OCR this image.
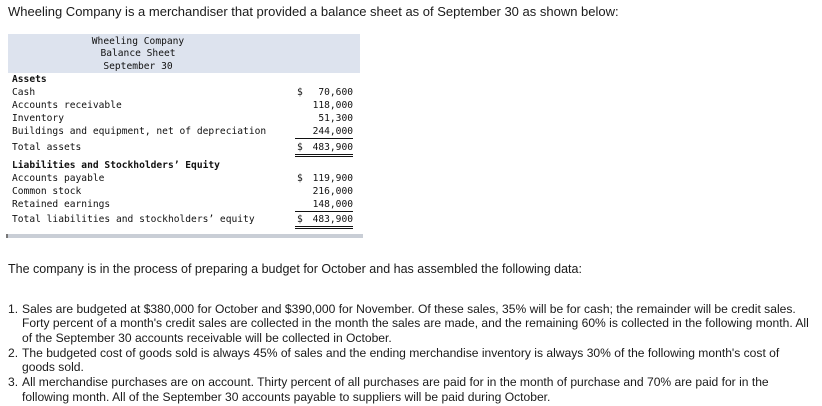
Wheeling Company is a merchandiser that provided a balance sheet as of September 30 as shown below:
Wheeling Company
Balance Sheet
September 30
Assets
Cash	$ 70,600
Accounts receivable	118,000
Inventory	51,300
Buildings and equipment, net of depreciation	244,000
Total assets	$ 483,900
Liabilities and Stockholders’ Equity
Accounts payable	$ 119,900
Common stock	216,000
Retained earnings	148,000
Total liabilities and stockholders’ equity	$ 483,900
The company is in the process of preparing a budget for October and has assembled the following data:
1. Sales are budgeted at $380,000 for October and $390,000 for November. Of these sales, 35% will be for cash; the remainder will be credit sales. Forty percent of a month's credit sales are collected in the month the sales are made, and the remaining 60% is collected in the following month. All of the September 30 accounts receivable will be collected in October.
2. The budgeted cost of goods sold is always 45% of sales and the ending merchandise inventory is always 30% of the following month's cost of goods sold.
3. All merchandise purchases are on account. Thirty percent of all purchases are paid for in the month of purchase and 70% are paid for in the following month. All of the September 30 accounts payable to suppliers will be paid during October.
